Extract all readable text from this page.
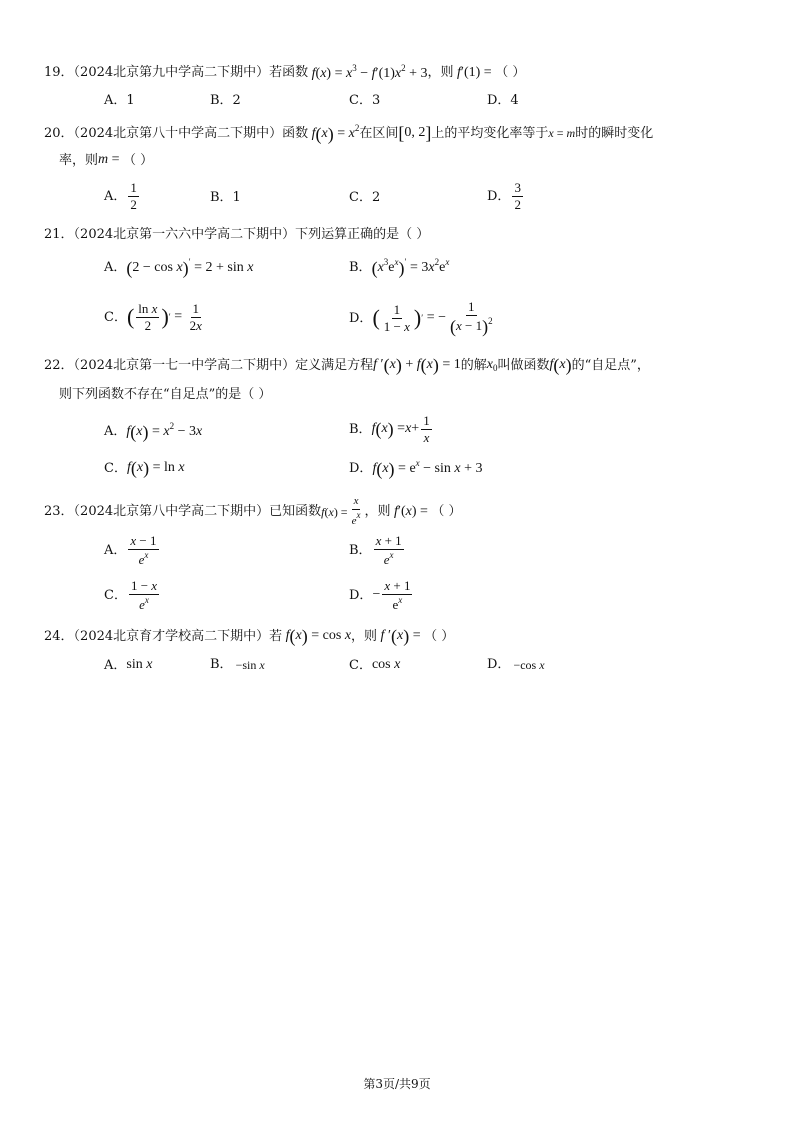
19．（2024北京第九中学高二下期中）若函数 $f(x) = x^3 - f'(1)x^2 + 3$ ，则 f′(1) = （ ）
A．1	B．2	C．3	D．4
20．（2024北京第八十中学高二下期中）函数 $f(x) = x^2$ 在区间 [0, 2] 上的平均变化率等于 x = m 时的瞬时变化
率，则 m = （ ）
A． $\frac{1}{2}$	B．1	C．2	D． $\frac{3}{2}$
21．（2024北京第一六六中学高二下期中）下列运算正确的是（ ）
A． (2 − cos x)′ = 2 + sin x	B． $(x^3e^x)' = 3x^2e^x$
C． ( $\frac{\text{ln x}}{2}$ ) ′ = $\frac{1}{2x}$	D． ( $\frac{1}{1 - x}$ ) ′ = − $\frac{1}{(x - 1)^2}$
22．（2024北京第一七一中学高二下期中）定义满足方程 f ′(x) + f(x) = 1 的解 $x_0$ 叫做函数 f(x) 的“自足点”，
则下列函数不存在“自足点”的是（ ）
A． $f(x) = x^2 - 3x$	B． f ( x ) = $x + \frac{1}{x}$
C． f(x) = ln x	D． $f(x) = e^x - \sin x + 3$
23．（2024北京第八中学高二下期中）已知函数 f ( x ) = $\frac{x}{e^x}$ ，则 f′(x) = （ ）
A． $\frac{x - 1}{e^x}$	B． $\frac{x + 1}{e^x}$
C． $\frac{1 - x}{e^x}$	D． − $\frac{x + 1}{e^x}$
24．（2024北京育才学校高二下期中）若 f(x) = cos x ，则 f ′(x) = （ ）
A． sin x	B． −sin x	C． cos x	D． −cos x
第3页/共9页
